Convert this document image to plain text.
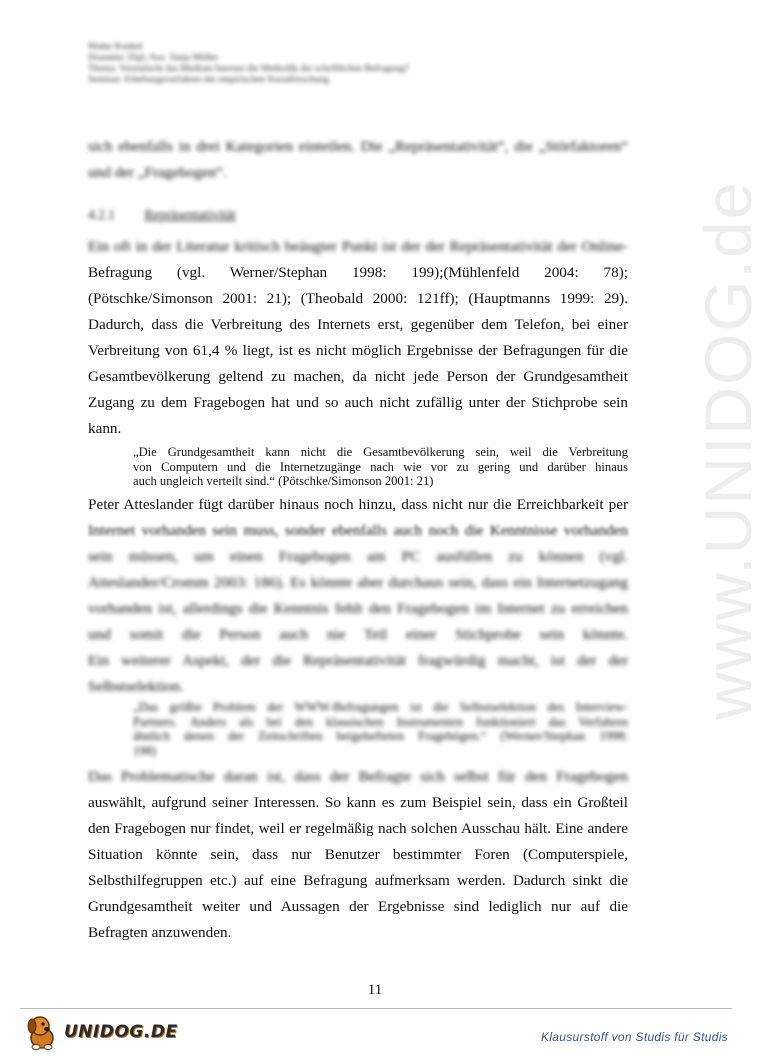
www.UNIDOG.de
Maike Kunkel
Dozentin: Dipl.-Soz. Tanja Müller
Thema: Vereinfacht das Medium Internet die Methodik der schriftlichen Befragung?
Seminar: Erhebungsverfahren der empirischen Sozialforschung
sich ebenfalls in drei Kategorien einteilen. Die „Repräsentativität“, die „Störfaktoren“
und der „Fragebogen“.
4.2.1 Repräsentativität
Ein oft in der Literatur kritisch beäugter Punkt ist der der Repräsentativität der Online-
Befragung (vgl. Werner/Stephan 1998: 199);(Mühlenfeld 2004: 78);
(Pötschke/Simonson 2001: 21); (Theobald 2000: 121ff); (Hauptmanns 1999: 29).
Dadurch, dass die Verbreitung des Internets erst, gegenüber dem Telefon, bei einer
Verbreitung von 61,4 % liegt, ist es nicht möglich Ergebnisse der Befragungen für die
Gesamtbevölkerung geltend zu machen, da nicht jede Person der Grundgesamtheit
Zugang zu dem Fragebogen hat und so auch nicht zufällig unter der Stichprobe sein
kann.
„Die Grundgesamtheit kann nicht die Gesamtbevölkerung sein, weil die Verbreitung
von Computern und die Internetzugänge nach wie vor zu gering und darüber hinaus
auch ungleich verteilt sind.“ (Pötschke/Simonson 2001: 21)
Peter Atteslander fügt darüber hinaus noch hinzu, dass nicht nur die Erreichbarkeit per
Internet vorhanden sein muss, sonder ebenfalls auch noch die Kenntnisse vorhanden
sein müssen, um einen Fragebogen am PC ausfüllen zu können (vgl.
Atteslander/Cromm 2003: 186). Es könnte aber durchaus sein, dass ein Internetzugang
vorhanden ist, allerdings die Kenntnis fehlt den Fragebogen im Internet zu erreichen
und somit die Person auch nie Teil einer Stichprobe sein könnte.
Ein weiterer Aspekt, der die Repräsentativität fragwürdig macht, ist der der
Selbstselektion.
„Das größte Problem der WWW-Befragungen ist die Selbstselektion des Interview-
Partners. Anders als bei den klassischen Instrumenten funktioniert das Verfahren
ähnlich denen der Zeitschriften beigehefteten Fragebögen.“ (Werner/Stephan 1998:
198)
Das Problematische daran ist, dass der Befragte sich selbst für den Fragebogen
auswählt, aufgrund seiner Interessen. So kann es zum Beispiel sein, dass ein Großteil
den Fragebogen nur findet, weil er regelmäßig nach solchen Ausschau hält. Eine andere
Situation könnte sein, dass nur Benutzer bestimmter Foren (Computerspiele,
Selbsthilfegruppen etc.) auf eine Befragung aufmerksam werden. Dadurch sinkt die
Grundgesamtheit weiter und Aussagen der Ergebnisse sind lediglich nur auf die
Befragten anzuwenden.
11
UNIDOG.DE	Klausurstoff von Studis für Studis
